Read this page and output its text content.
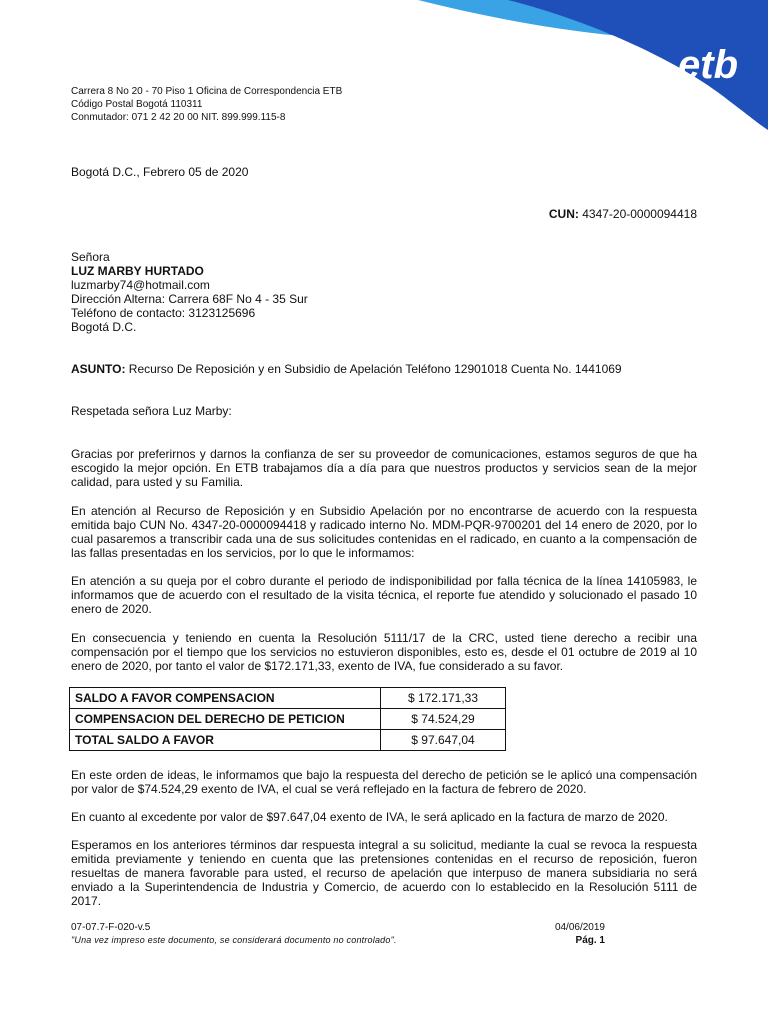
etb
Carrera 8 No 20 - 70 Piso 1 Oficina de Correspondencia ETB
Código Postal Bogotá 110311
Conmutador: 071 2 42 20 00 NIT. 899.999.115-8
Bogotá D.C., Febrero 05 de 2020
CUN: 4347-20-0000094418
Señora
LUZ MARBY HURTADO
luzmarby74@hotmail.com
Dirección Alterna: Carrera 68F No 4 - 35 Sur
Teléfono de contacto: 3123125696
Bogotá D.C.
ASUNTO: Recurso De Reposición y en Subsidio de Apelación Teléfono 12901018 Cuenta No. 1441069
Respetada señora Luz Marby:
Gracias por preferirnos y darnos la confianza de ser su proveedor de comunicaciones, estamos seguros de que ha escogido la mejor opción. En ETB trabajamos día a día para que nuestros productos y servicios sean de la mejor calidad, para usted y su Familia.
En atención al Recurso de Reposición y en Subsidio Apelación por no encontrarse de acuerdo con la respuesta emitida bajo CUN No. 4347-20-0000094418 y radicado interno No. MDM-PQR-9700201 del 14 enero de 2020, por lo cual pasaremos a transcribir cada una de sus solicitudes contenidas en el radicado, en cuanto a la compensación de las fallas presentadas en los servicios, por lo que le informamos:
En atención a su queja por el cobro durante el periodo de indisponibilidad por falla técnica de la línea 14105983, le informamos que de acuerdo con el resultado de la visita técnica, el reporte fue atendido y solucionado el pasado 10 enero de 2020.
En consecuencia y teniendo en cuenta la Resolución 5111/17 de la CRC, usted tiene derecho a recibir una compensación por el tiempo que los servicios no estuvieron disponibles, esto es, desde el 01 octubre de 2019 al 10 enero de 2020, por tanto el valor de $172.171,33, exento de IVA, fue considerado a su favor.
SALDO A FAVOR COMPENSACION	$ 172.171,33
COMPENSACION DEL DERECHO DE PETICION	$ 74.524,29
TOTAL SALDO A FAVOR	$ 97.647,04
En este orden de ideas, le informamos que bajo la respuesta del derecho de petición se le aplicó una compensación por valor de $74.524,29 exento de IVA, el cual se verá reflejado en la factura de febrero de 2020.
En cuanto al excedente por valor de $97.647,04 exento de IVA, le será aplicado en la factura de marzo de 2020.
Esperamos en los anteriores términos dar respuesta integral a su solicitud, mediante la cual se revoca la respuesta emitida previamente y teniendo en cuenta que las pretensiones contenidas en el recurso de reposición, fueron resueltas de manera favorable para usted, el recurso de apelación que interpuso de manera subsidiaria no será enviado a la Superintendencia de Industria y Comercio, de acuerdo con lo establecido en la Resolución 5111 de 2017.
07-07.7-F-020-v.5
"Una vez impreso este documento, se considerará documento no controlado".
04/06/2019
Pág. 1
